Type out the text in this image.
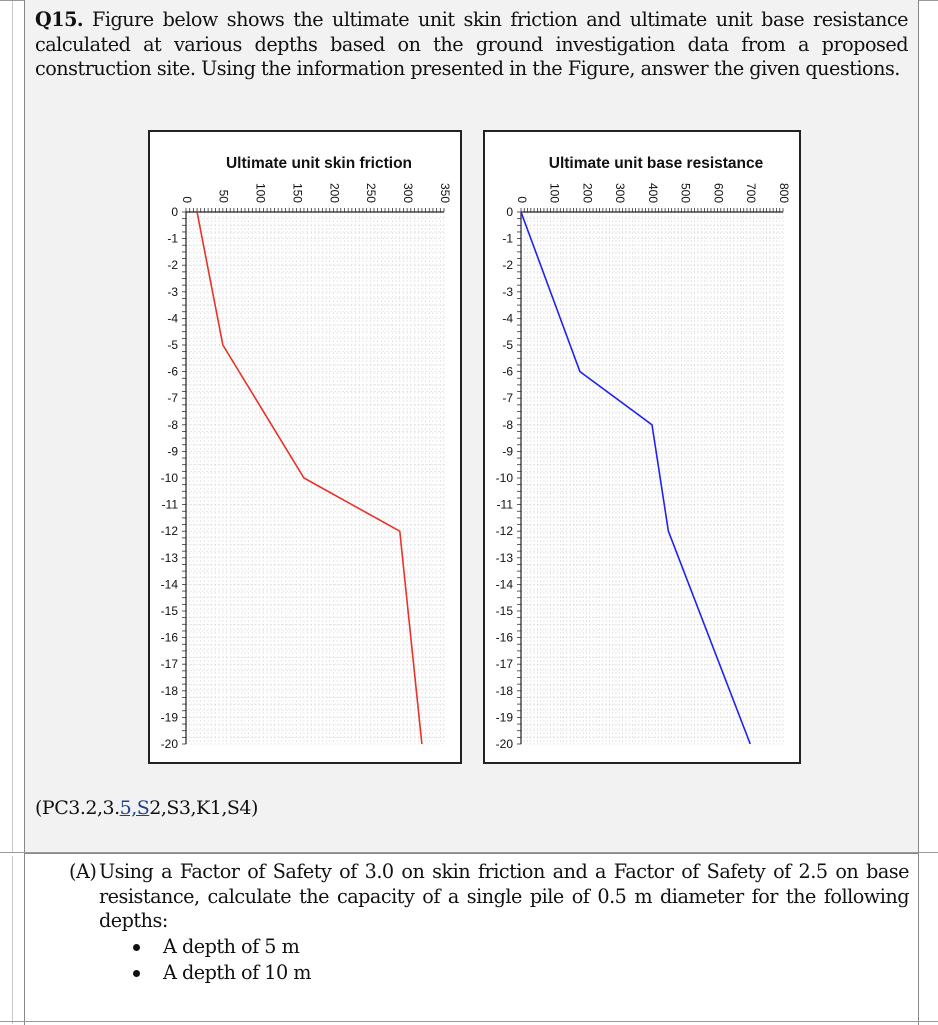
Q15. Figure below shows the ultimate unit skin friction and ultimate unit base resistance calculated at various depths based on the ground investigation data from a proposed construction site. Using the information presented in the Figure, answer the given questions.
Ultimate unit skin friction
0 50 100 150 200 250 300 350
0
-1
-2
-3
-4
-5
-6
-7
-8
-9
-10
-11
-12
-13
-14
-15
-16
-17
-18
-19
-20
Ultimate unit base resistance
0 100 200 300 400 500 600 700 800
0
-1
-2
-3
-4
-5
-6
-7
-8
-9
-10
-11
-12
-13
-14
-15
-16
-17
-18
-19
-20
(PC3.2,3.5,S2,S3,K1,S4)
(A) Using a Factor of Safety of 3.0 on skin friction and a Factor of Safety of 2.5 on base resistance, calculate the capacity of a single pile of 0.5 m diameter for the following depths:
A depth of 5 m
A depth of 10 m
